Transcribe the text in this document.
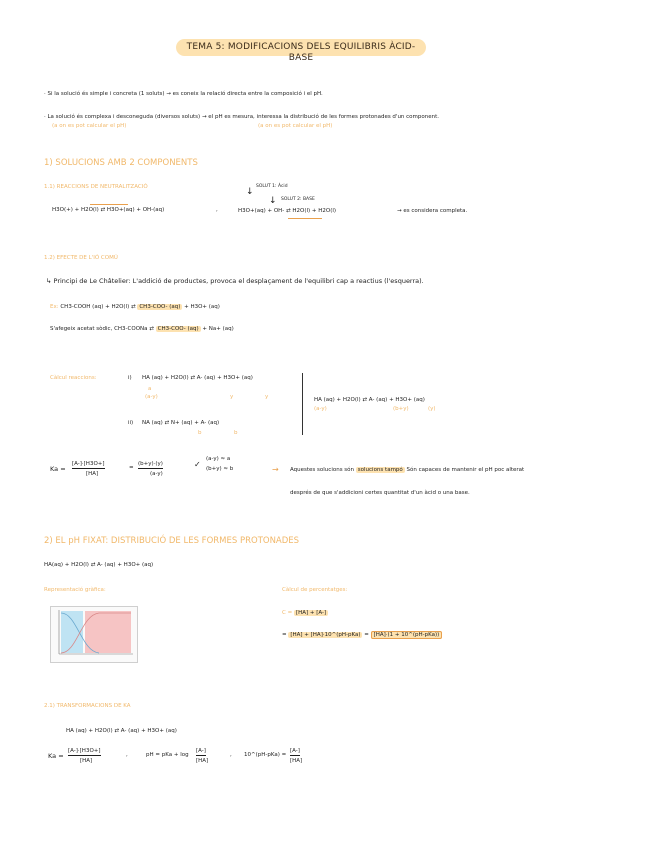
TEMA 5: MODIFICACIONS DELS EQUILIBRIS ÀCID-BASE
· Si la solució és simple i concreta (1 soluts) → es coneix la relació directa entre la composició i el pH.
· La solució és complexa i desconeguda (diversos soluts) → el pH es mesura, interessa la distribució de les formes protonades d'un component.
(a on es pot calcular el pH)	(a on es pot calcular el pH)
1) SOLUCIONS AMB 2 COMPONENTS
1.1) REACCIONS DE NEUTRALITZACIÓ	SOLUT 1: Àcid
SOLUT 2: BASE
↓
↓
H3O(+) + H2O(l) ⇄ H3O+(aq) + OH-(aq)	,	H3O+(aq) + OH- ⇄ H2O(l) + H2O(l)	→ es considera completa.
1.2) EFECTE DE L'IÓ COMÚ
↳ Principi de Le Châtelier: L'addició de productes, provoca el desplaçament de l'equilibri cap a reactius (l'esquerra).
Ex: CH3-COOH (aq) + H2O(l) ⇄ CH3-COO- (aq) + H3O+ (aq)
S'afegeix acetat sòdic, CH3-COONa ⇄ CH3-COO- (aq) + Na+ (aq)
Càlcul reaccions:	i) HA (aq) + H2O(l) ⇄ A- (aq) + H3O+ (aq)
a
(a-y)	y	y
ii) NA (aq) ⇄ N+ (aq) + A- (aq)
b	b
HA (aq) + H2O(l) ⇄ A- (aq) + H3O+ (aq)
(a-y)	(b+y)	(y)
Ka =
[A-]·[H3O+]
[HA]
=
(b+y)·(y)
(a-y)
✓
(a-y) ≈ a
(b+y) ≈ b	→ Aquestes solucions són solucions tampó Són capaces de mantenir el pH poc alterat
després de que s'addicioni certes quantitat d'un àcid o una base.
2) EL pH FIXAT: DISTRIBUCIÓ DE LES FORMES PROTONADES
HA(aq) + H2O(l) ⇄ A- (aq) + H3O+ (aq)
Representació gràfica:	Càlcul de percentatges:
C = [HA] + [A-]
= [HA] + [HA]·10^(pH-pKa) = [HA]·(1 + 10^(pH-pKa))
2.1) TRANSFORMACIONS DE KA
HA (aq) + H2O(l) ⇄ A- (aq) + H3O+ (aq)
Ka =
[A-]·[H3O+]
[HA]
,	pH = pKa + log
[A-]
[HA]
, 10^(pH-pKa) =
[A-]
[HA]
